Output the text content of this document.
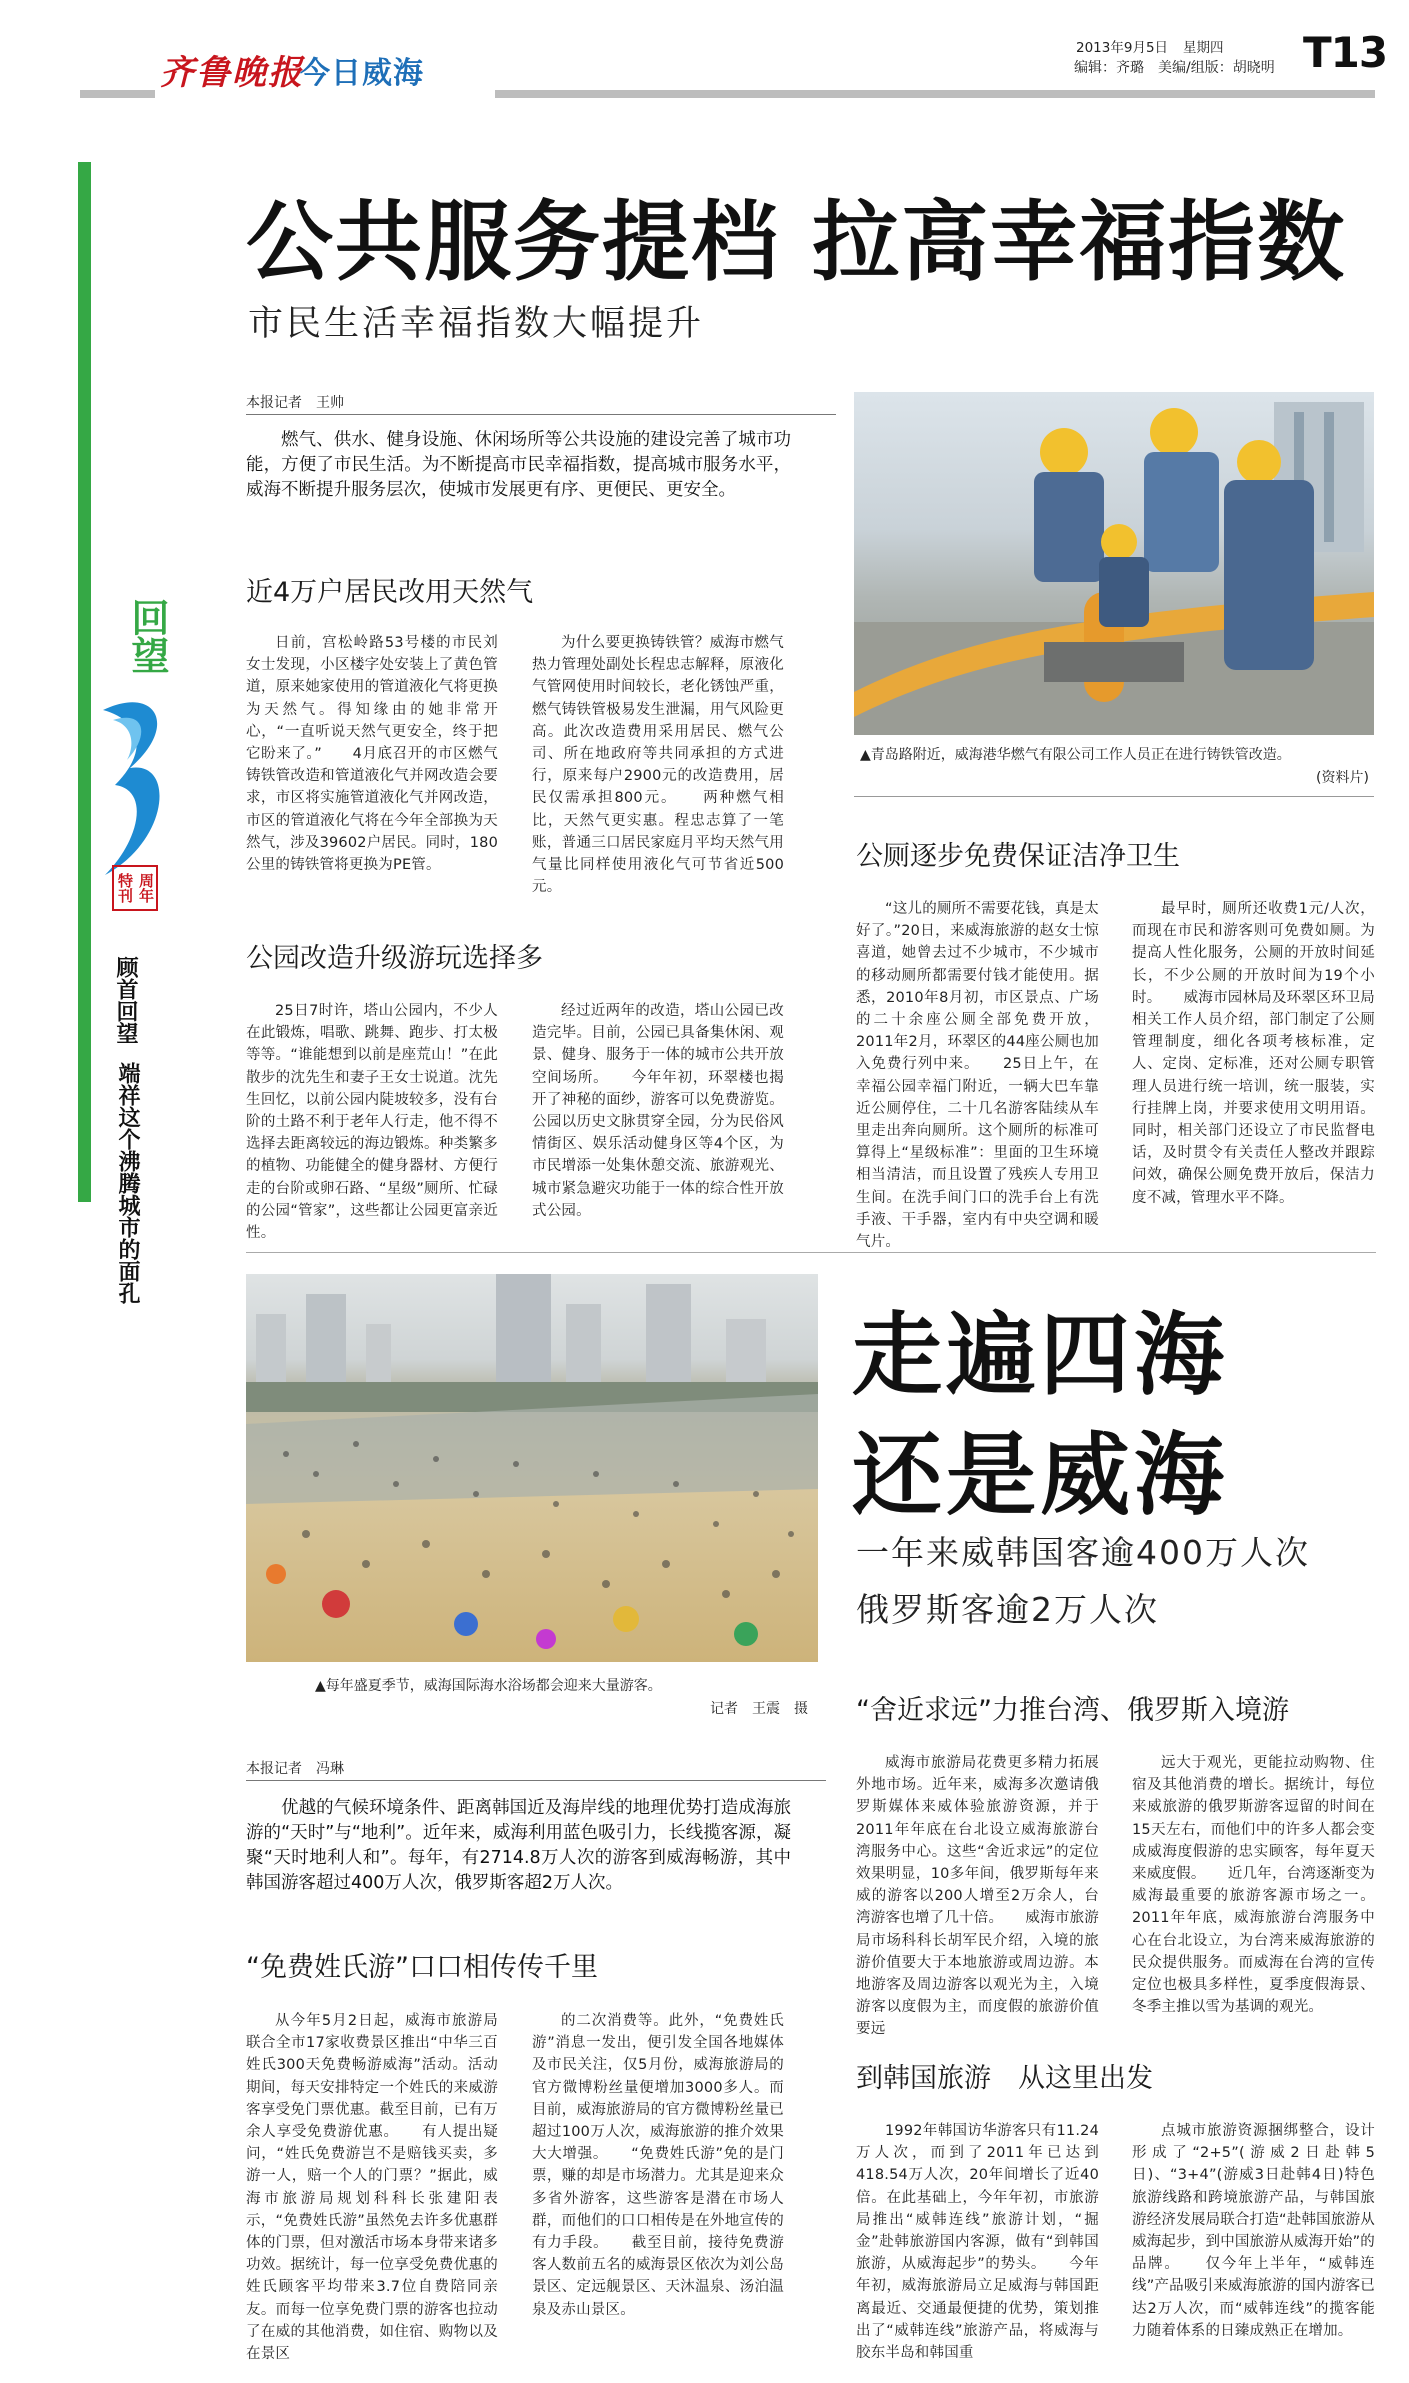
齐鲁晚报
今日威海
2013年9月5日 星期四
编辑：齐璐　美编/组版：胡晓明 T13
回望
周年特刊
顾首回望
端祥这个沸腾城市的面孔
公共服务提档 拉高幸福指数
市民生活幸福指数大幅提升
本报记者　王帅
燃气、供水、健身设施、休闲场所等公共设施的建设完善了城市功能，方便了市民生活。为不断提高市民幸福指数，提高城市服务水平，威海不断提升服务层次，使城市发展更有序、更便民、更安全。
近4万户居民改用天然气
日前，宫松岭路53号楼的市民刘女士发现，小区楼字处安装上了黄色管道，原来她家使用的管道液化气将更换为天然气。得知缘由的她非常开心，“一直听说天然气更安全，终于把它盼来了。”　　4月底召开的市区燃气铸铁管改造和管道液化气并网改造会要求，市区将实施管道液化气并网改造，市区的管道液化气将在今年全部换为天然气，涉及39602户居民。同时，180公里的铸铁管将更换为PE管。
为什么要更换铸铁管？威海市燃气热力管理处副处长程忠志解释，原液化气管网使用时间较长，老化锈蚀严重，燃气铸铁管极易发生泄漏，用气风险更高。此次改造费用采用居民、燃气公司、所在地政府等共同承担的方式进行，原来每户2900元的改造费用，居民仅需承担800元。　　两种燃气相比，天然气更实惠。程忠志算了一笔账，普通三口居民家庭月平均天然气用气量比同样使用液化气可节省近500元。
▲青岛路附近，威海港华燃气有限公司工作人员正在进行铸铁管改造。
(资料片)
公园改造升级游玩选择多
25日7时许，塔山公园内，不少人在此锻炼，唱歌、跳舞、跑步、打太极等等。“谁能想到以前是座荒山！”在此散步的沈先生和妻子王女士说道。沈先生回忆，以前公园内陡坡较多，没有台阶的土路不利于老年人行走，他不得不选择去距离较远的海边锻炼。种类繁多的植物、功能健全的健身器材、方便行走的台阶或卵石路、“星级”厕所、忙碌的公园“管家”，这些都让公园更富亲近性。
经过近两年的改造，塔山公园已改造完毕。目前，公园已具备集休闲、观景、健身、服务于一体的城市公共开放空间场所。　　今年年初，环翠楼也揭开了神秘的面纱，游客可以免费游览。公园以历史文脉贯穿全园，分为民俗风情街区、娱乐活动健身区等4个区，为市民增添一处集休憩交流、旅游观光、城市紧急避灾功能于一体的综合性开放式公园。
公厕逐步免费保证洁净卫生
“这儿的厕所不需要花钱，真是太好了。”20日，来威海旅游的赵女士惊喜道，她曾去过不少城市，不少城市的移动厕所都需要付钱才能使用。据悉，2010年8月初，市区景点、广场的二十余座公厕全部免费开放，2011年2月，环翠区的44座公厕也加入免费行列中来。　　25日上午，在幸福公园幸福门附近，一辆大巴车靠近公厕停住，二十几名游客陆续从车里走出奔向厕所。这个厕所的标准可算得上“星级标准”：里面的卫生环境相当清洁，而且设置了残疾人专用卫生间。在洗手间门口的洗手台上有洗手液、干手器，室内有中央空调和暖气片。
最早时，厕所还收费1元/人次，而现在市民和游客则可免费如厕。为提高人性化服务，公厕的开放时间延长，不少公厕的开放时间为19个小时。　　威海市园林局及环翠区环卫局相关工作人员介绍，部门制定了公厕管理制度，细化各项考核标准，定人、定岗、定标准，还对公厕专职管理人员进行统一培训，统一服装，实行挂牌上岗，并要求使用文明用语。同时，相关部门还设立了市民监督电话，及时贯令有关责任人整改并跟踪问效，确保公厕免费开放后，保洁力度不减，管理水平不降。
▲每年盛夏季节，威海国际海水浴场都会迎来大量游客。
记者　王震　摄
走遍四海
还是威海
一年来威韩国客逾400万人次
俄罗斯客逾2万人次
本报记者　冯琳
优越的气候环境条件、距离韩国近及海岸线的地理优势打造成海旅游的“天时”与“地利”。近年来，威海利用蓝色吸引力，长线揽客源，凝聚“天时地利人和”。每年，有2714.8万人次的游客到威海畅游，其中韩国游客超过400万人次，俄罗斯客超2万人次。
“免费姓氏游”口口相传传千里
从今年5月2日起，威海市旅游局联合全市17家收费景区推出“中华三百姓氏300天免费畅游威海”活动。活动期间，每天安排特定一个姓氏的来威游客享受免门票优惠。截至目前，已有万余人享受免费游优惠。　　有人提出疑问，“姓氏免费游岂不是赔钱买卖，多游一人，赔一个人的门票？”据此，威海市旅游局规划科科长张建阳表示，“免费姓氏游”虽然免去许多优惠群体的门票，但对激活市场本身带来诸多功效。据统计，每一位享受免费优惠的姓氏顾客平均带来3.7位自费陪同亲友。而每一位享免费门票的游客也拉动了在威的其他消费，如住宿、购物以及在景区
的二次消费等。此外，“免费姓氏游”消息一发出，便引发全国各地媒体及市民关注，仅5月份，威海旅游局的官方微博粉丝量便增加3000多人。而目前，威海旅游局的官方微博粉丝量已超过100万人次，威海旅游的推介效果大大增强。　　“免费姓氏游”免的是门票，赚的却是市场潜力。尤其是迎来众多省外游客，这些游客是潜在市场人群，而他们的口口相传是在外地宣传的有力手段。　　截至目前，接待免费游客人数前五名的威海景区依次为刘公岛景区、定远舰景区、天沐温泉、汤泊温泉及赤山景区。
“舍近求远”力推台湾、俄罗斯入境游
威海市旅游局花费更多精力拓展外地市场。近年来，威海多次邀请俄罗斯媒体来威体验旅游资源，并于2011年年底在台北设立威海旅游台湾服务中心。这些“舍近求远”的定位效果明显，10多年间，俄罗斯每年来威的游客以200人增至2万余人，台湾游客也增了几十倍。　　威海市旅游局市场科科长胡军民介绍，入境的旅游价值要大于本地旅游或周边游。本地游客及周边游客以观光为主，入境游客以度假为主，而度假的旅游价值要远
远大于观光，更能拉动购物、住宿及其他消费的增长。据统计，每位来威旅游的俄罗斯游客逗留的时间在15天左右，而他们中的许多人都会变成威海度假游的忠实顾客，每年夏天来威度假。　　近几年，台湾逐渐变为威海最重要的旅游客源市场之一。2011年年底，威海旅游台湾服务中心在台北设立，为台湾来威海旅游的民众提供服务。而威海在台湾的宣传定位也极具多样性，夏季度假海景、冬季主推以雪为基调的观光。
到韩国旅游　从这里出发
1992年韩国访华游客只有11.24万人次，而到了2011年已达到418.54万人次，20年间增长了近40倍。在此基础上，今年年初，市旅游局推出“威韩连线”旅游计划，“掘金”赴韩旅游国内客源，做有“到韩国旅游，从威海起步”的势头。　　今年年初，威海旅游局立足威海与韩国距离最近、交通最便捷的优势，策划推出了“威韩连线”旅游产品，将威海与胶东半岛和韩国重
点城市旅游资源捆绑整合，设计形成了“2+5”(游威2日赴韩5日)、“3+4”(游威3日赴韩4日)特色旅游线路和跨境旅游产品，与韩国旅游经济发展局联合打造“赴韩国旅游从威海起步，到中国旅游从威海开始”的品牌。　　仅今年上半年，“威韩连线”产品吸引来威海旅游的国内游客已达2万人次，而“威韩连线”的揽客能力随着体系的日臻成熟正在增加。
